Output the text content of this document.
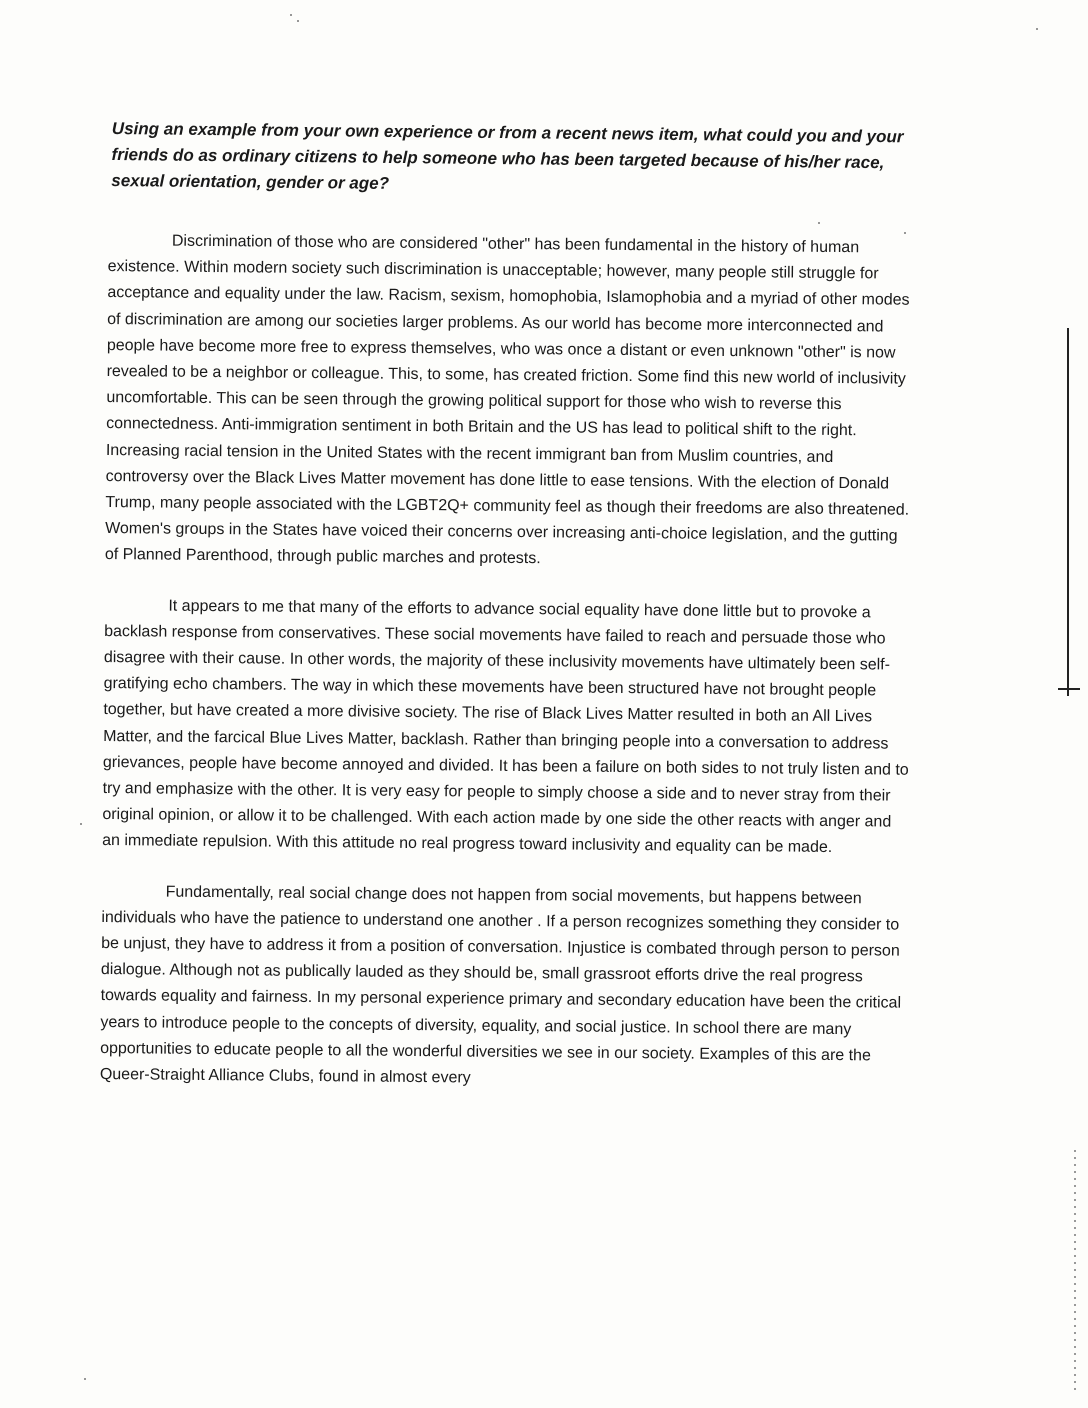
Using an example from your own experience or from a recent news item, what could you and your friends do as ordinary citizens to help someone who has been targeted because of his/her race, sexual orientation, gender or age?

Discrimination of those who are considered "other" has been fundamental in the history of human existence. Within modern society such discrimination is unacceptable; however, many people still struggle for acceptance and equality under the law. Racism, sexism, homophobia, Islamophobia and a myriad of other modes of discrimination are among our societies larger problems. As our world has become more interconnected and people have become more free to express themselves, who was once a distant or even unknown "other" is now revealed to be a neighbor or colleague. This, to some, has created friction. Some find this new world of inclusivity uncomfortable. This can be seen through the growing political support for those who wish to reverse this connectedness. Anti-immigration sentiment in both Britain and the US has lead to political shift to the right. Increasing racial tension in the United States with the recent immigrant ban from Muslim countries, and controversy over the Black Lives Matter movement has done little to ease tensions. With the election of Donald Trump, many people associated with the LGBT2Q+ community feel as though their freedoms are also threatened. Women's groups in the States have voiced their concerns over increasing anti-choice legislation, and the gutting of Planned Parenthood, through public marches and protests.

It appears to me that many of the efforts to advance social equality have done little but to provoke a backlash response from conservatives. These social movements have failed to reach and persuade those who disagree with their cause. In other words, the majority of these inclusivity movements have ultimately been self-gratifying echo chambers. The way in which these movements have been structured have not brought people together, but have created a more divisive society. The rise of Black Lives Matter resulted in both an All Lives Matter, and the farcical Blue Lives Matter, backlash. Rather than bringing people into a conversation to address grievances, people have become annoyed and divided. It has been a failure on both sides to not truly listen and to try and emphasize with the other. It is very easy for people to simply choose a side and to never stray from their original opinion, or allow it to be challenged. With each action made by one side the other reacts with anger and an immediate repulsion. With this attitude no real progress toward inclusivity and equality can be made.

Fundamentally, real social change does not happen from social movements, but happens between individuals who have the patience to understand one another . If a person recognizes something they consider to be unjust, they have to address it from a position of conversation. Injustice is combated through person to person dialogue. Although not as publically lauded as they should be, small grassroot efforts drive the real progress towards equality and fairness. In my personal experience primary and secondary education have been the critical years to introduce people to the concepts of diversity, equality, and social justice. In school there are many opportunities to educate people to all the wonderful diversities we see in our society. Examples of this are the Queer-Straight Alliance Clubs, found in almost every
